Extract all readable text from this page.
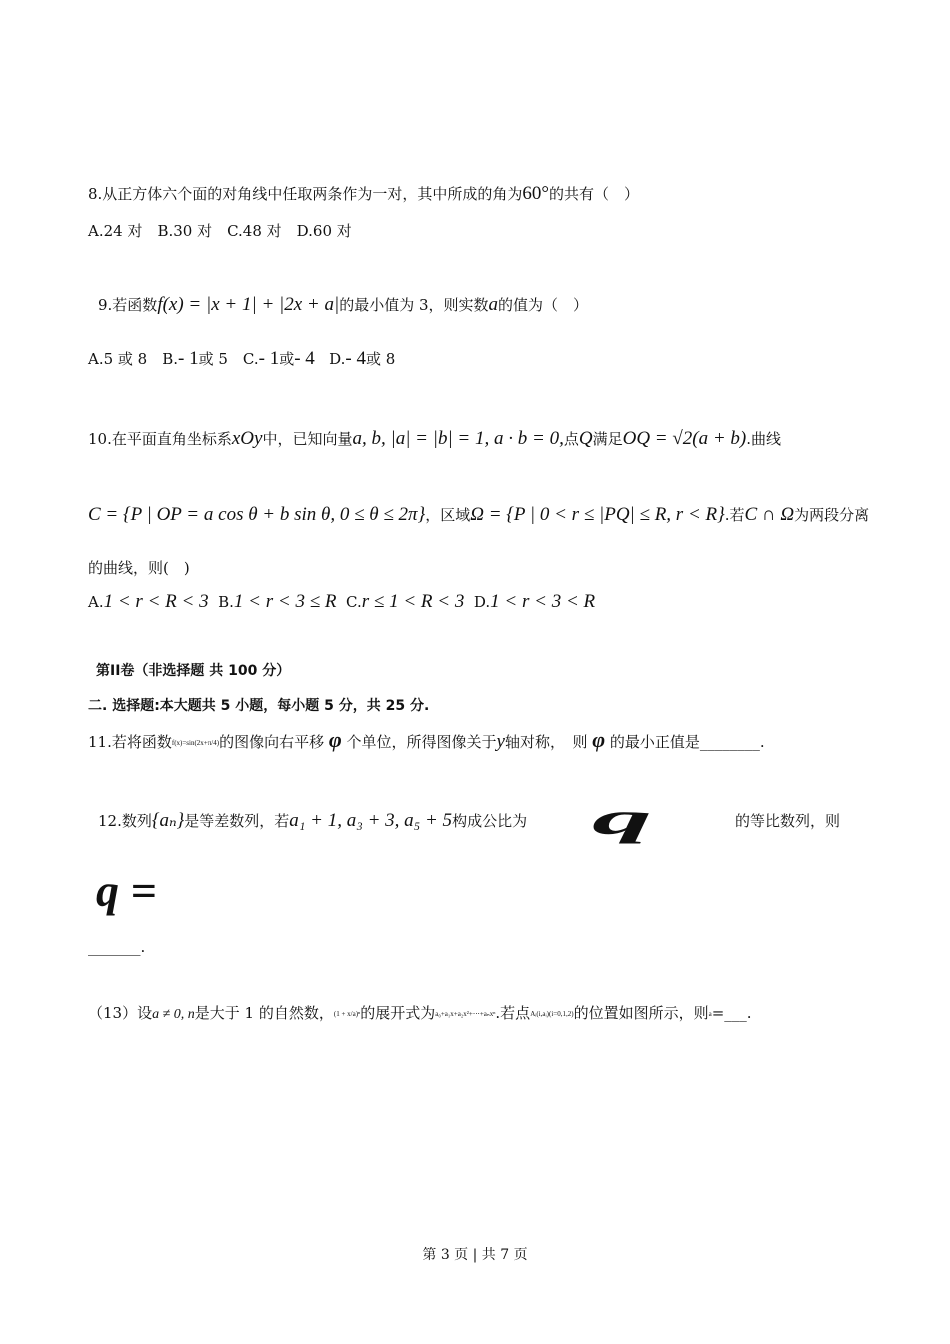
8.从正方体六个面的对角线中任取两条作为一对，其中所成的角为60°的共有（　）
A.24 对　B.30 对　C.48 对　D.60 对
9.若函数f(x) = |x + 1| + |2x + a|的最小值为 3，则实数a的值为（　）
A.5 或 8　B.- 1或 5　C.- 1或- 4 D.- 4或 8
10.在平面直角坐标系xOy中，已知向量a, b, |a| = |b| = 1, a · b = 0,点Q满足OQ = √2(a + b).曲线
C = {P | OP = a cos θ + b sin θ, 0 ≤ θ ≤ 2π}，区域Ω = {P | 0 < r ≤ |PQ| ≤ R, r < R}.若C ∩ Ω为两段分离
的曲线，则(　)
A.1 < r < R < 3 B.1 < r < 3 ≤ R C.r ≤ 1 < R < 3 D.1 < r < 3 < R
第ⅠⅠ卷（非选择题 共 100 分）
二. 选择题:本大题共 5 小题，每小题 5 分，共 25 分.
11.若将函数f(x)=sin(2x+π/4)的图像向右平移 φ 个单位，所得图像关于y轴对称，　则 φ 的最小正值是________.
12.数列{aₙ}是等差数列，若a₁ + 1, a₃ + 3, a₅ + 5构成公比为 q	的等比数列，则
q =
_______.
（13）设a ≠ 0, n是大于 1 的自然数，(1 + x/a)ⁿ的展开式为a₀+a₁x+a₂x²+⋯+aₙxⁿ.若点Aᵢ(i,aᵢ)(i=0,1,2)的位置如图所示，则a=___.
第 3 页 | 共 7 页
